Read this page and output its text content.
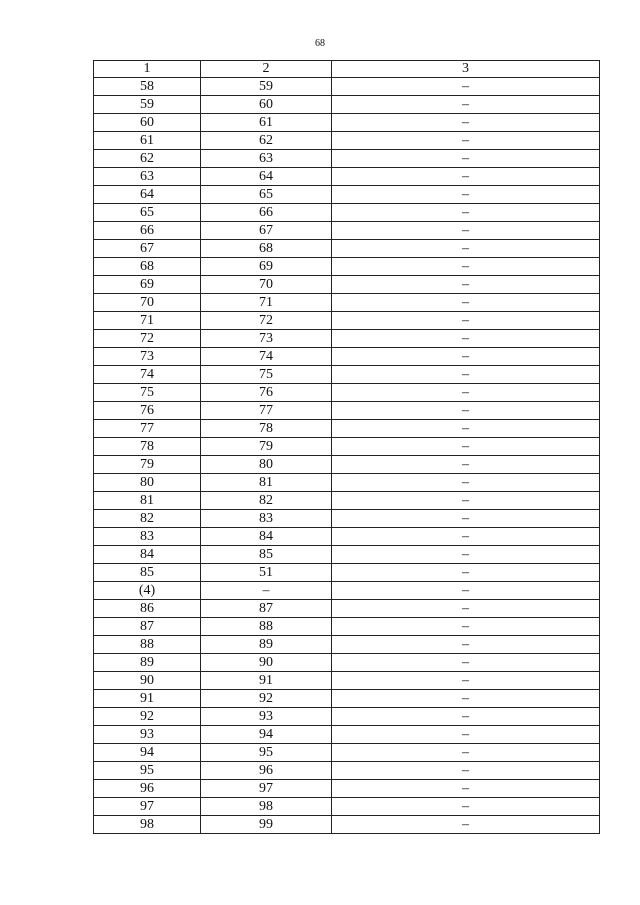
68
1	2	3
58	59	–
59	60	–
60	61	–
61	62	–
62	63	–
63	64	–
64	65	–
65	66	–
66	67	–
67	68	–
68	69	–
69	70	–
70	71	–
71	72	–
72	73	–
73	74	–
74	75	–
75	76	–
76	77	–
77	78	–
78	79	–
79	80	–
80	81	–
81	82	–
82	83	–
83	84	–
84	85	–
85	51	–
(4)	–	–
86	87	–
87	88	–
88	89	–
89	90	–
90	91	–
91	92	–
92	93	–
93	94	–
94	95	–
95	96	–
96	97	–
97	98	–
98	99	–
